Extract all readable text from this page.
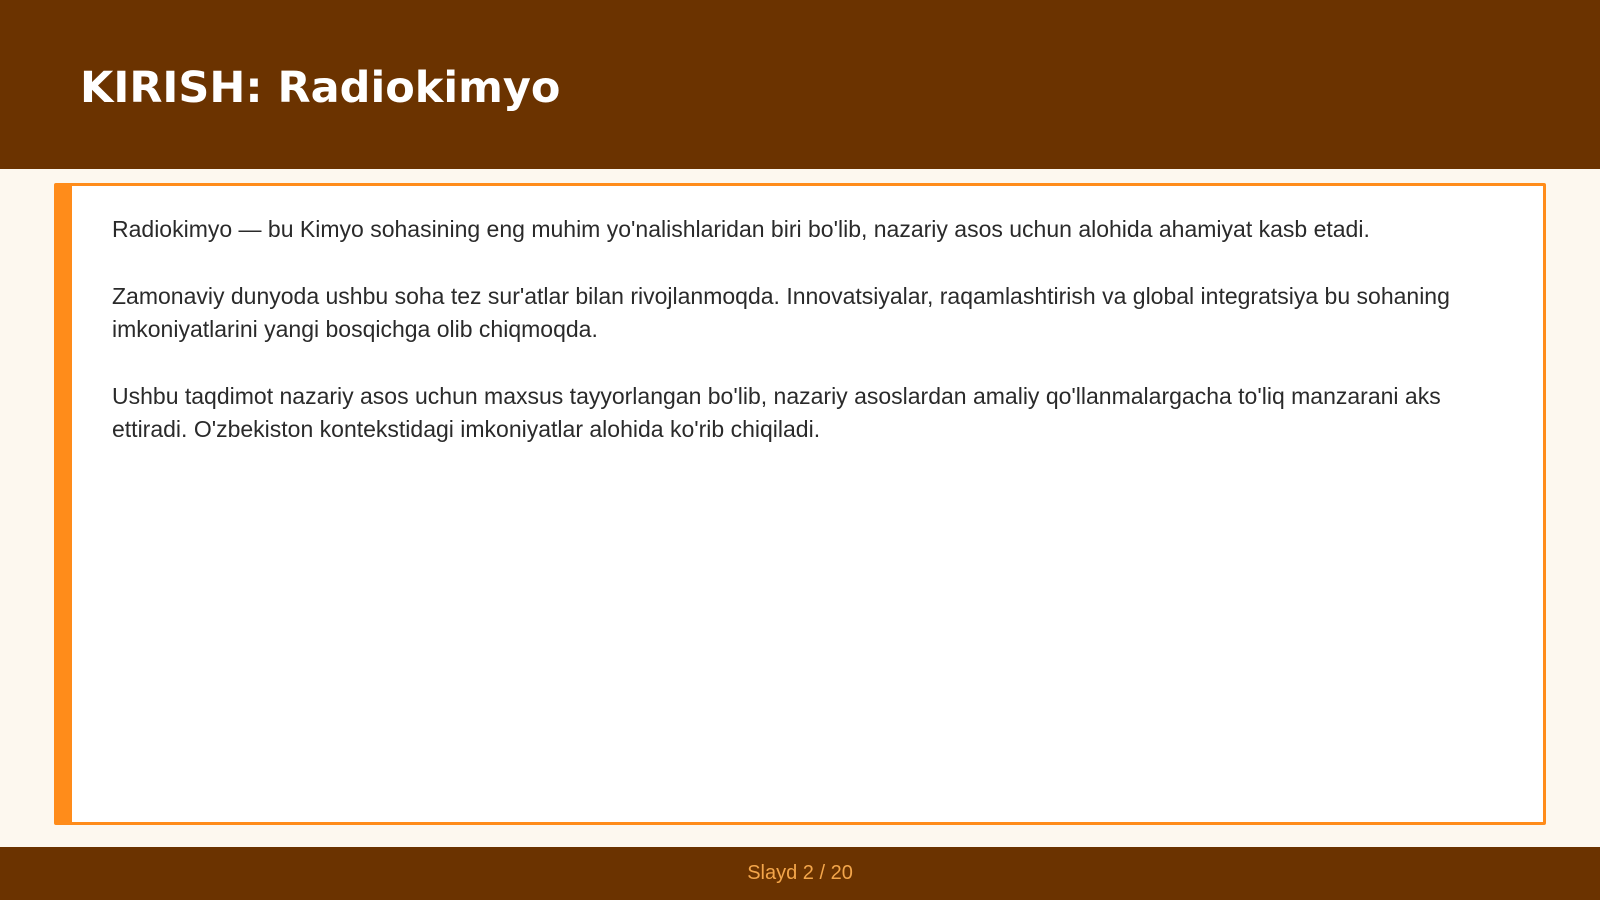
KIRISH: Radiokimyo

Radiokimyo — bu Kimyo sohasining eng muhim yo'nalishlaridan biri bo'lib, nazariy asos uchun alohida ahamiyat kasb etadi.

Zamonaviy dunyoda ushbu soha tez sur'atlar bilan rivojlanmoqda. Innovatsiyalar, raqamlashtirish va global integratsiya bu sohaning imkoniyatlarini yangi bosqichga olib chiqmoqda.

Ushbu taqdimot nazariy asos uchun maxsus tayyorlangan bo'lib, nazariy asoslardan amaliy qo'llanmalargacha to'liq manzarani aks ettiradi. O'zbekiston kontekstidagi imkoniyatlar alohida ko'rib chiqiladi.

Slayd 2 / 20
